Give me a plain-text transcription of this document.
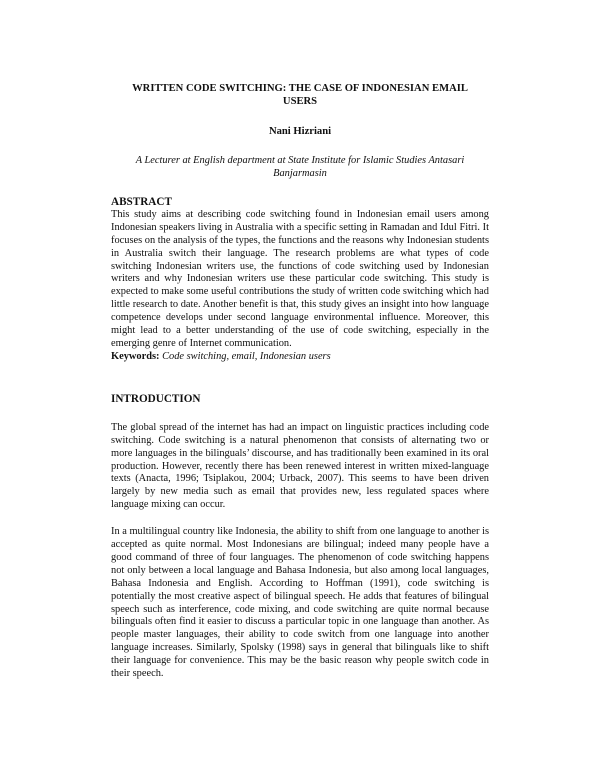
WRITTEN CODE SWITCHING: THE CASE OF INDONESIAN EMAIL USERS

Nani Hizriani

A Lecturer at English department at State Institute for Islamic Studies Antasari Banjarmasin

ABSTRACT

This study aims at describing code switching found in Indonesian email users among Indonesian speakers living in Australia with a specific setting in Ramadan and Idul Fitri. It focuses on the analysis of the types, the functions and the reasons why Indonesian students in Australia switch their language. The research problems are what types of code switching Indonesian writers use, the functions of code switching used by Indonesian writers and why Indonesian writers use these particular code switching. This study is expected to make some useful contributions the study of written code switching which had little research to date. Another benefit is that, this study gives an insight into how language competence develops under second language environmental influence. Moreover, this might lead to a better understanding of the use of code switching, especially in the emerging genre of Internet communication.

Keywords: Code switching, email, Indonesian users

INTRODUCTION

The global spread of the internet has had an impact on linguistic practices including code switching. Code switching is a natural phenomenon that consists of alternating two or more languages in the bilinguals’ discourse, and has traditionally been examined in its oral production. However, recently there has been renewed interest in written mixed-language texts (Anacta, 1996; Tsiplakou, 2004; Urback, 2007). This seems to have been driven largely by new media such as email that provides new, less regulated spaces where language mixing can occur.

In a multilingual country like Indonesia, the ability to shift from one language to another is accepted as quite normal. Most Indonesians are bilingual; indeed many people have a good command of three of four languages. The phenomenon of code switching happens not only between a local language and Bahasa Indonesia, but also among local languages, Bahasa Indonesia and English. According to Hoffman (1991), code switching is potentially the most creative aspect of bilingual speech. He adds that features of bilingual speech such as interference, code mixing, and code switching are quite normal because bilinguals often find it easier to discuss a particular topic in one language than another. As people master languages, their ability to code switch from one language into another language increases. Similarly, Spolsky (1998) says in general that bilinguals like to shift their language for convenience. This may be the basic reason why people switch code in their speech.
